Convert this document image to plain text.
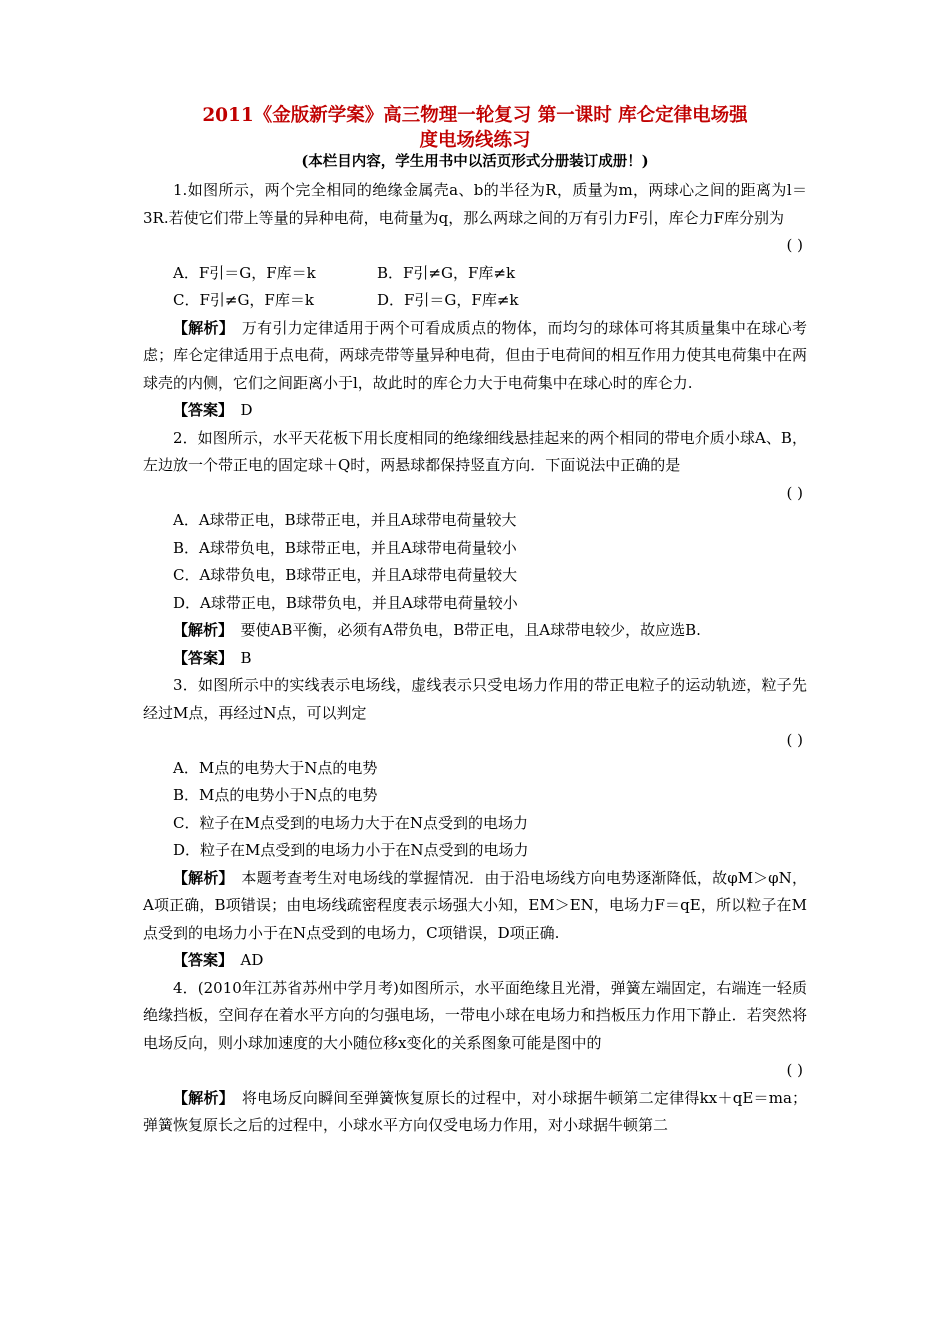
2011《金版新学案》高三物理一轮复习 第一课时 库仑定律电场强
度电场线练习
(本栏目内容，学生用书中以活页形式分册装订成册！)

1.如图所示，两个完全相同的绝缘金属壳a、b的半径为R，质量为m，两球心之间的距离为l＝3R.若使它们带上等量的异种电荷，电荷量为q，那么两球之间的万有引力F引，库仑力F库分别为

( )

A．F引＝G，F库＝k	B．F引≠G，F库≠k
C．F引≠G，F库＝k	D．F引＝G，F库≠k

【解析】　 万有引力定律适用于两个可看成质点的物体，而均匀的球体可将其质量集中在球心考虑；库仑定律适用于点电荷，两球壳带等量异种电荷，但由于电荷间的相互作用力使其电荷集中在两球壳的内侧，它们之间距离小于l，故此时的库仑力大于电荷集中在球心时的库仑力.

【答案】　 D

2．如图所示，水平天花板下用长度相同的绝缘细线悬挂起来的两个相同的带电介质小球A、B，左边放一个带正电的固定球＋Q时，两悬球都保持竖直方向．下面说法中正确的是

( )

A．A球带正电，B球带正电，并且A球带电荷量较大

B．A球带负电，B球带正电，并且A球带电荷量较小

C．A球带负电，B球带正电，并且A球带电荷量较大

D．A球带正电，B球带负电，并且A球带电荷量较小

【解析】　 要使AB平衡，必须有A带负电，B带正电，且A球带电较少，故应选B.

【答案】　 B

3．如图所示中的实线表示电场线，虚线表示只受电场力作用的带正电粒子的运动轨迹，粒子先经过M点，再经过N点，可以判定

( )

A．M点的电势大于N点的电势

B．M点的电势小于N点的电势

C．粒子在M点受到的电场力大于在N点受到的电场力

D．粒子在M点受到的电场力小于在N点受到的电场力

【解析】　 本题考查考生对电场线的掌握情况．由于沿电场线方向电势逐渐降低，故φM＞φN，A项正确，B项错误；由电场线疏密程度表示场强大小知，EM＞EN，电场力F＝qE，所以粒子在M点受到的电场力小于在N点受到的电场力，C项错误，D项正确.

【答案】　 AD

4．(2010年江苏省苏州中学月考)如图所示，水平面绝缘且光滑，弹簧左端固定，右端连一轻质绝缘挡板，空间存在着水平方向的匀强电场，一带电小球在电场力和挡板压力作用下静止．若突然将电场反向，则小球加速度的大小随位移x变化的关系图象可能是图中的

( )

【解析】　 将电场反向瞬间至弹簧恢复原长的过程中，对小球据牛顿第二定律得kx＋qE＝ma；弹簧恢复原长之后的过程中，小球水平方向仅受电场力作用，对小球据牛顿第二
